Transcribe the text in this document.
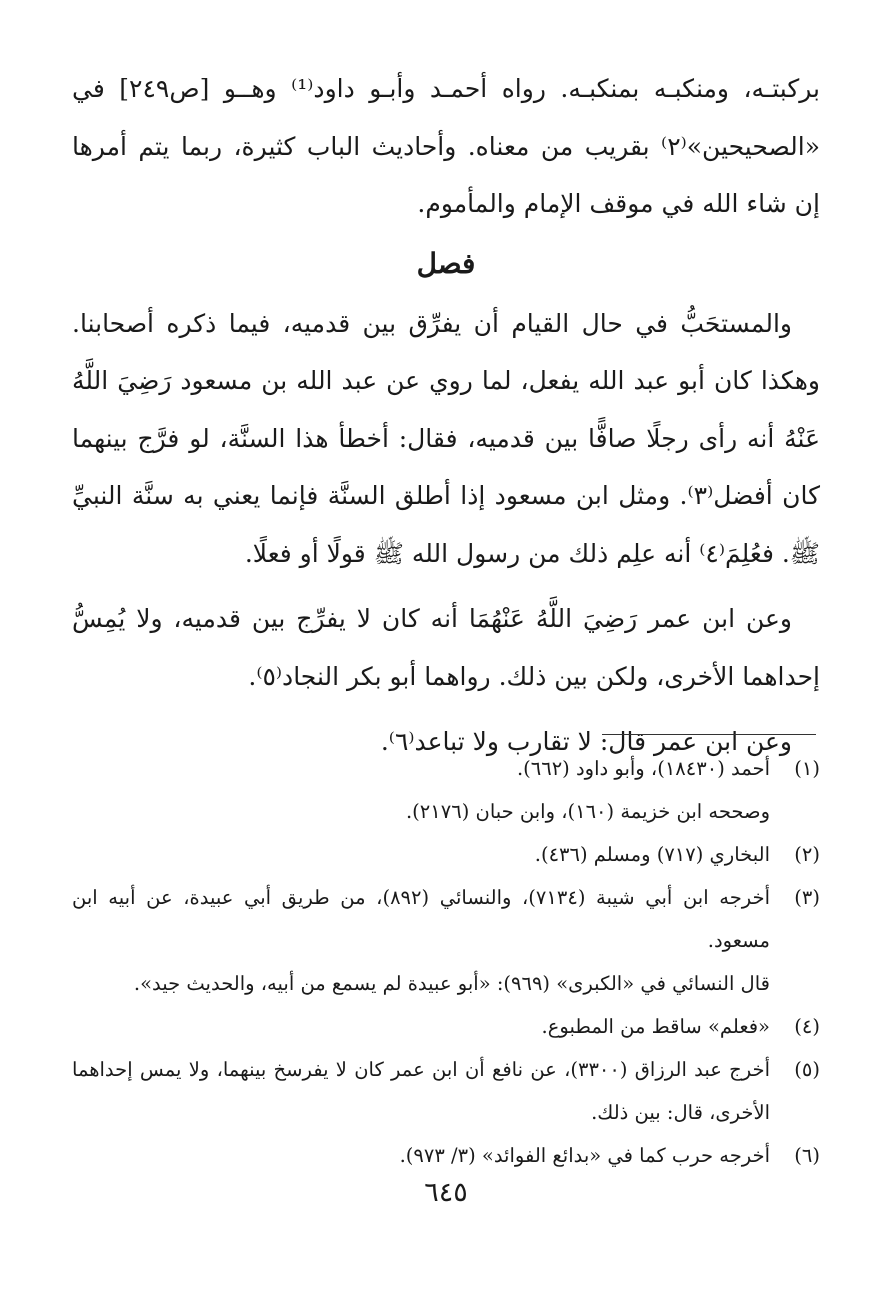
بركبتـه، ومنكبـه بمنكبـه. رواه أحمـد وأبـو داود⁽¹⁾ وهــو [ص٢٤٩] في «الصحيحين»⁽٢⁾ بقريب من معناه. وأحاديث الباب كثيرة، ربما يتم أمرها إن شاء الله في موقف الإمام والمأموم.

فصل

والمستحَبُّ في حال القيام أن يفرِّق بين قدميه، فيما ذكره أصحابنا. وهكذا كان أبو عبد الله يفعل، لما روي عن عبد الله بن مسعود رَضِيَ اللَّهُ عَنْهُ أنه رأى رجلًا صافًّا بين قدميه، فقال: أخطأ هذا السنَّة، لو فرَّج بينهما كان أفضل⁽٣⁾. ومثل ابن مسعود إذا أطلق السنَّة فإنما يعني به سنَّة النبيِّ ﷺ. فعُلِمَ⁽٤⁾ أنه علِم ذلك من رسول الله ﷺ قولًا أو فعلًا.

وعن ابن عمر رَضِيَ اللَّهُ عَنْهُمَا أنه كان لا يفرِّج بين قدميه، ولا يُمِسُّ إحداهما الأخرى، ولكن بين ذلك. رواهما أبو بكر النجاد⁽٥⁾.

وعن ابن عمر قال: لا تقارب ولا تباعد⁽٦⁾.

(١)
أحمد (١٨٤٣٠)، وأبو داود (٦٦٢).
وصححه ابن خزيمة (١٦٠)، وابن حبان (٢١٧٦).
(٢)
البخاري (٧١٧) ومسلم (٤٣٦).
(٣)
أخرجه ابن أبي شيبة (٧١٣٤)، والنسائي (٨٩٢)، من طريق أبي عبيدة، عن أبيه ابن مسعود.
قال النسائي في «الكبرى» (٩٦٩): «أبو عبيدة لم يسمع من أبيه، والحديث جيد».
(٤)
«فعلم» ساقط من المطبوع.
(٥)
أخرج عبد الرزاق (٣٣٠٠)، عن نافع أن ابن عمر كان لا يفرسخ بينهما، ولا يمس إحداهما الأخرى، قال: بين ذلك.
(٦)
أخرجه حرب كما في «بدائع الفوائد» (٣/ ٩٧٣).
٦٤٥
